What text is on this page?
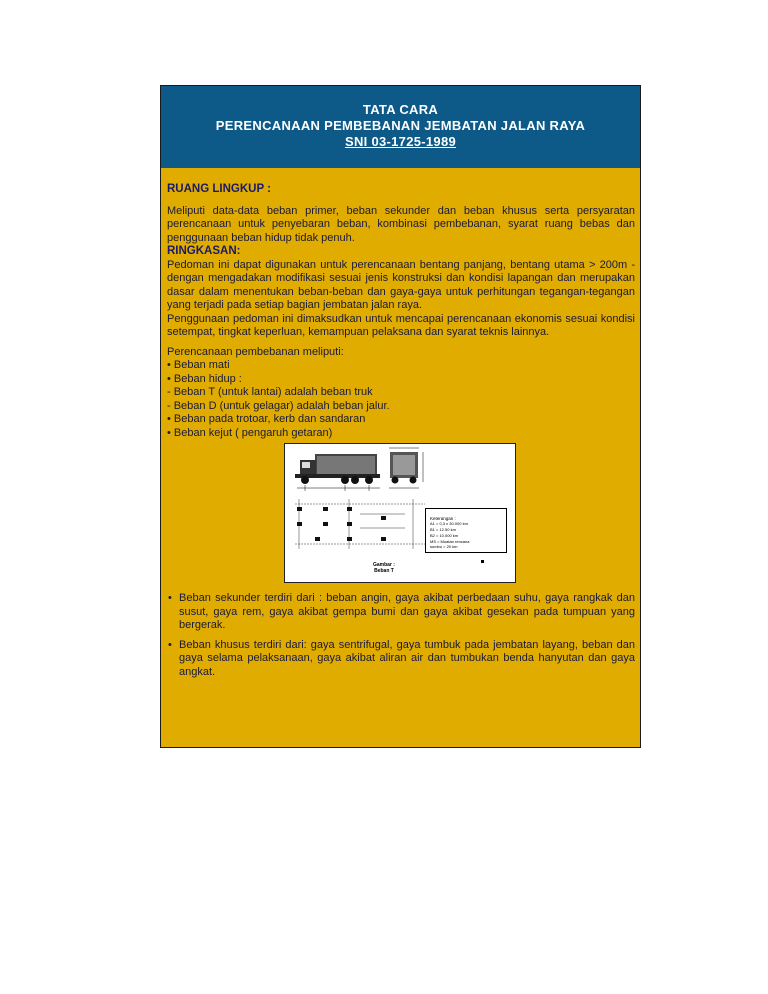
TATA CARA
PERENCANAAN PEMBEBANAN JEMBATAN JALAN RAYA
SNI 03-1725-1989
RUANG LINGKUP :

Meliputi data-data beban primer, beban sekunder dan beban khusus serta persyaratan perencanaan untuk penyebaran beban, kombinasi pembebanan, syarat ruang bebas dan penggunaan beban hidup tidak penuh.

RINGKASAN:

Pedoman ini dapat digunakan untuk perencanaan bentang panjang, bentang utama > 200m - dengan mengadakan modifikasi sesuai jenis konstruksi dan kondisi lapangan dan merupakan dasar dalam menentukan beban-beban dan gaya-gaya untuk perhitungan tegangan-tegangan yang terjadi pada setiap bagian jembatan jalan raya.

Penggunaan pedoman ini dimaksudkan untuk mencapai perencanaan ekonomis sesuai kondisi setempat, tingkat keperluan, kemampuan pelaksana dan syarat teknis lainnya.

Perencanaan pembebanan meliputi:

• Beban mati

• Beban hidup :

- Beban T (untuk lantai) adalah beban truk

- Beban D (untuk gelagar) adalah beban jalur.

• Beban pada trotoar, kerb dan sandaran

• Beban kejut ( pengaruh getaran)

Keterangan :
A1 = 0,3 x 30.000 km
B1 = 12.50 km
B2 = 10.000 km
MS = Muatan rencana
sumbu = 20 km
Gambar :
Beban T
• Beban sekunder terdiri dari : beban angin, gaya akibat perbedaan suhu, gaya rangkak dan susut, gaya rem, gaya akibat gempa bumi dan gaya akibat gesekan pada tumpuan yang bergerak.
• Beban khusus terdiri dari: gaya sentrifugal, gaya tumbuk pada jembatan layang, beban dan gaya selama pelaksanaan, gaya akibat aliran air dan tumbukan benda hanyutan dan gaya angkat.
